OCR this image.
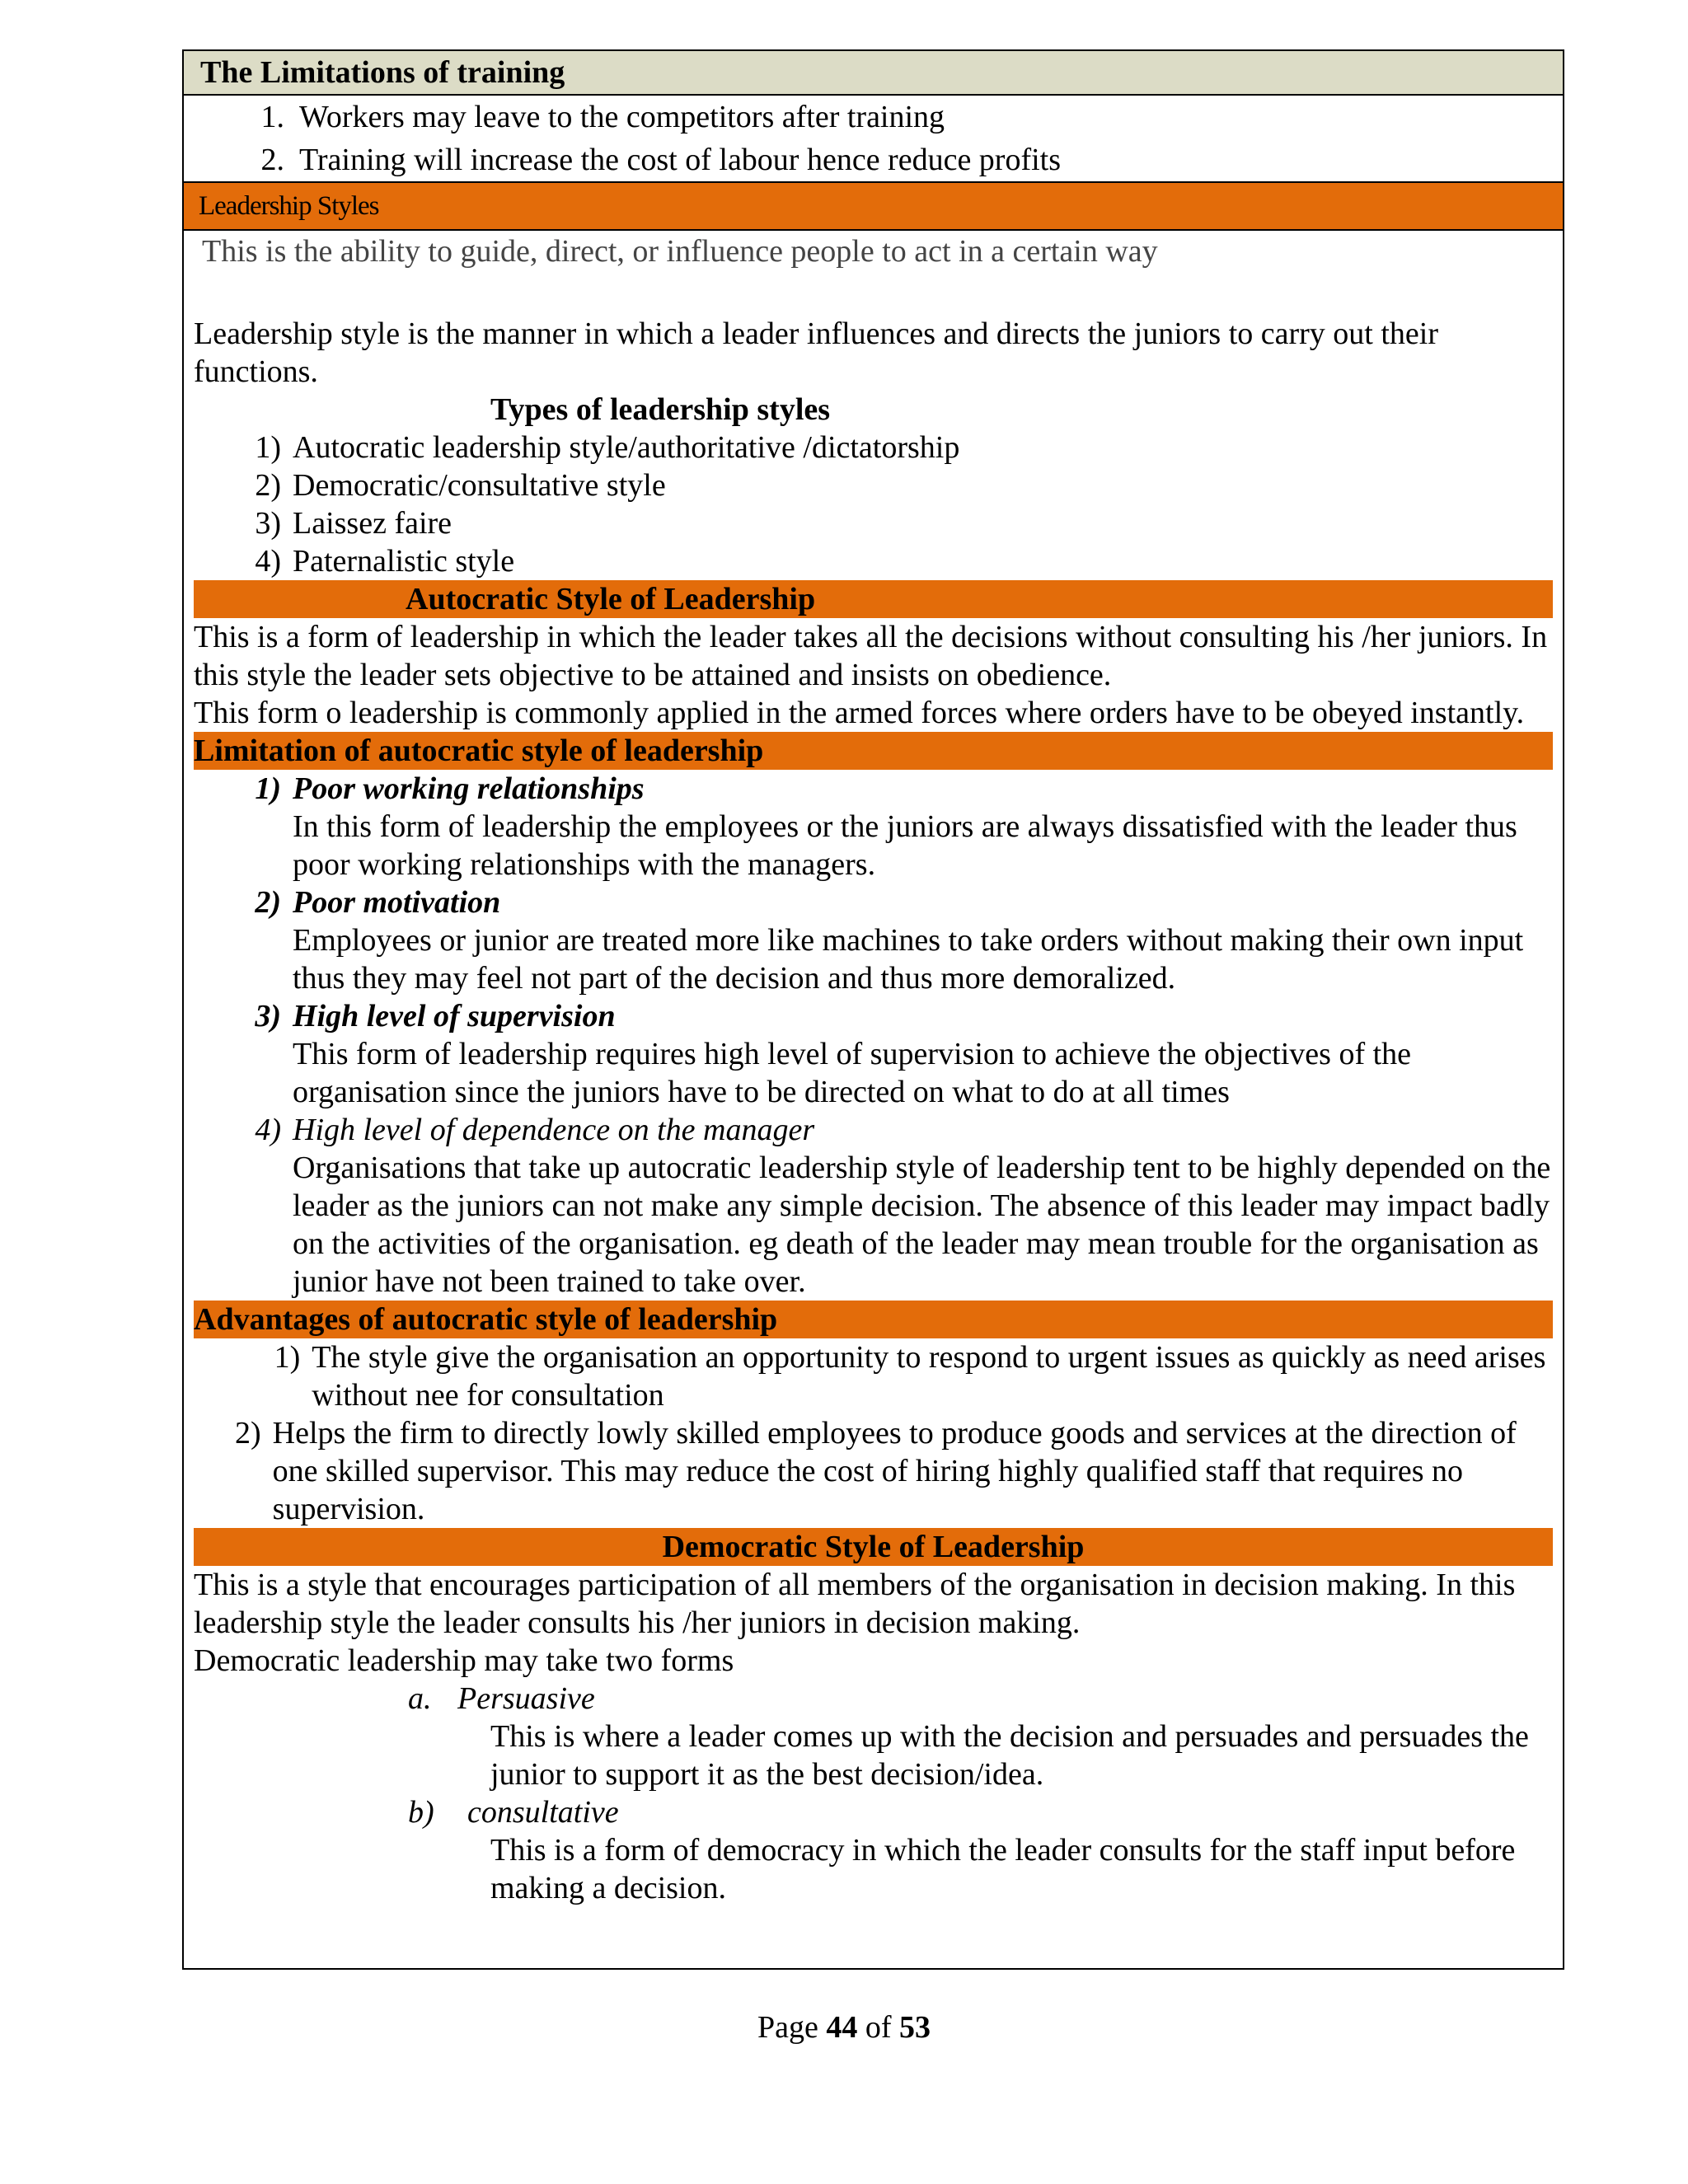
The Limitations of training
1. Workers may leave to the competitors after training
2. Training will increase the cost of labour hence reduce profits
Leadership Styles
This is the ability to guide, direct, or influence people to act in a certain way

Leadership style is the manner in which a leader influences and directs the juniors to carry out their functions.

Types of leadership styles
1) Autocratic leadership style/authoritative /dictatorship
2) Democratic/consultative style
3) Laissez faire
4) Paternalistic style
Autocratic Style of Leadership

This is a form of leadership in which the leader takes all the decisions without consulting his /her juniors. In this style the leader sets objective to be attained and insists on obedience.

This form o leadership is commonly applied in the armed forces where orders have to be obeyed instantly.

Limitation of autocratic style of leadership
1) Poor working relationships
In this form of leadership the employees or the juniors are always dissatisfied with the leader thus poor working relationships with the managers.
2) Poor motivation
Employees or junior are treated more like machines to take orders without making their own input thus they may feel not part of the decision and thus more demoralized.
3) High level of supervision
This form of leadership requires high level of supervision to achieve the objectives of the organisation since the juniors have to be directed on what to do at all times
4) High level of dependence on the manager
Organisations that take up autocratic leadership style of leadership tent to be highly depended on the leader as the juniors can not make any simple decision. The absence of this leader may impact badly on the activities of the organisation. eg death of the leader may mean trouble for the organisation as junior have not been trained to take over.
Advantages of autocratic style of leadership
1) The style give the organisation an opportunity to respond to urgent issues as quickly as need arises without nee for consultation
2) Helps the firm to directly lowly skilled employees to produce goods and services at the direction of one skilled supervisor. This may reduce the cost of hiring highly qualified staff that requires no supervision.
Democratic Style of Leadership

This is a style that encourages participation of all members of the organisation in decision making. In this leadership style the leader consults his /her juniors in decision making.

Democratic leadership may take two forms

a. Persuasive
This is where a leader comes up with the decision and persuades and persuades the junior to support it as the best decision/idea.
b)	consultative
This is a form of democracy in which the leader consults for the staff input before making a decision.
Page 44 of 53
